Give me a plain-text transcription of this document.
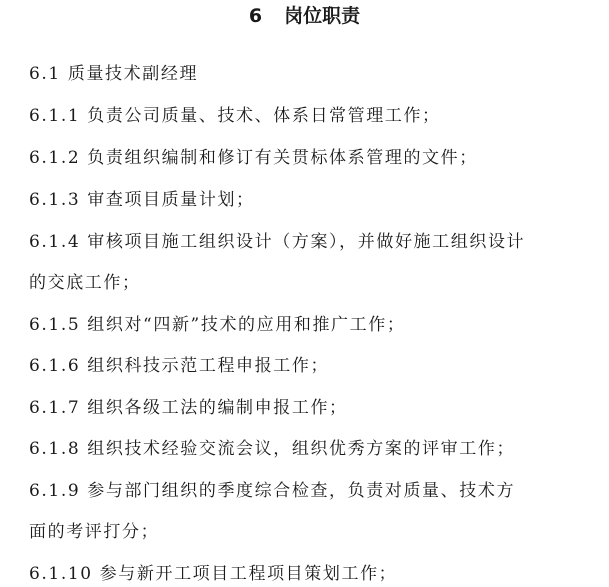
6 岗位职责
6.1 质量技术副经理
6.1.1 负责公司质量、技术、体系日常管理工作；
6.1.2 负责组织编制和修订有关贯标体系管理的文件；
6.1.3 审查项目质量计划；
6.1.4 审核项目施工组织设计（方案），并做好施工组织设计
的交底工作；
6.1.5 组织对“四新”技术的应用和推广工作；
6.1.6 组织科技示范工程申报工作；
6.1.7 组织各级工法的编制申报工作；
6.1.8 组织技术经验交流会议，组织优秀方案的评审工作；
6.1.9 参与部门组织的季度综合检查，负责对质量、技术方
面的考评打分；
6.1.10 参与新开工项目工程项目策划工作；
